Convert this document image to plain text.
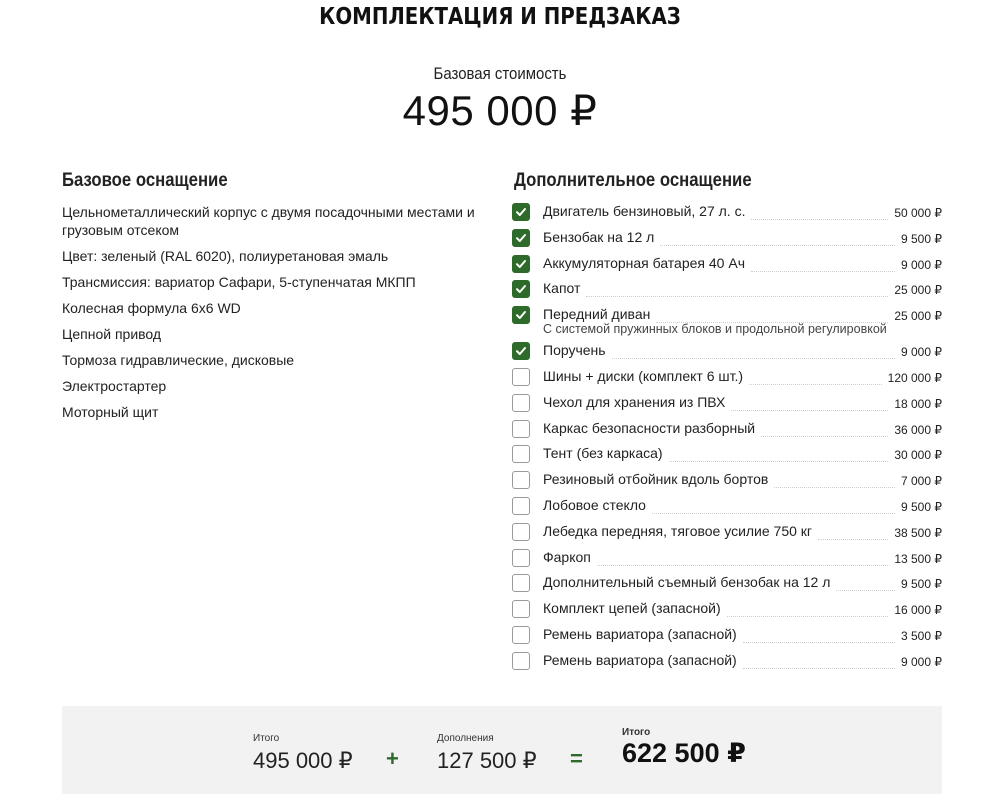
КОМПЛЕКТАЦИЯ И ПРЕДЗАКАЗ
Базовая стоимость
495 000 ₽
Базовое оснащение	Дополнительное оснащение
Цельнометаллический корпус с двумя посадочными местами и грузовым отсеком
Цвет: зеленый (RAL 6020), полиуретановая эмаль
Трансмиссия: вариатор Сафари, 5-ступенчатая МКПП
Колесная формула 6х6 WD
Цепной привод
Тормоза гидравлические, дисковые
Электростартер
Моторный щит
Двигатель бензиновый, 27 л. с.	50 000 ₽
Бензобак на 12 л	9 500 ₽
Аккумуляторная батарея 40 Ач	9 000 ₽
Капот	25 000 ₽
Передний диван	25 000 ₽
С системой пружинных блоков и продольной регулировкой
Поручень	9 000 ₽
Шины + диски (комплект 6 шт.)	120 000 ₽
Чехол для хранения из ПВХ	18 000 ₽
Каркас безопасности разборный	36 000 ₽
Тент (без каркаса)	30 000 ₽
Резиновый отбойник вдоль бортов	7 000 ₽
Лобовое стекло	9 500 ₽
Лебедка передняя, тяговое усилие 750 кг	38 500 ₽
Фаркоп	13 500 ₽
Дополнительный съемный бензобак на 12 л	9 500 ₽
Комплект цепей (запасной)	16 000 ₽
Ремень вариатора (запасной)	3 500 ₽
Ремень вариатора (запасной)	9 000 ₽
Итого
495 000 ₽ +
Дополнения
127 500 ₽ =
Итого
622 500 ₽
